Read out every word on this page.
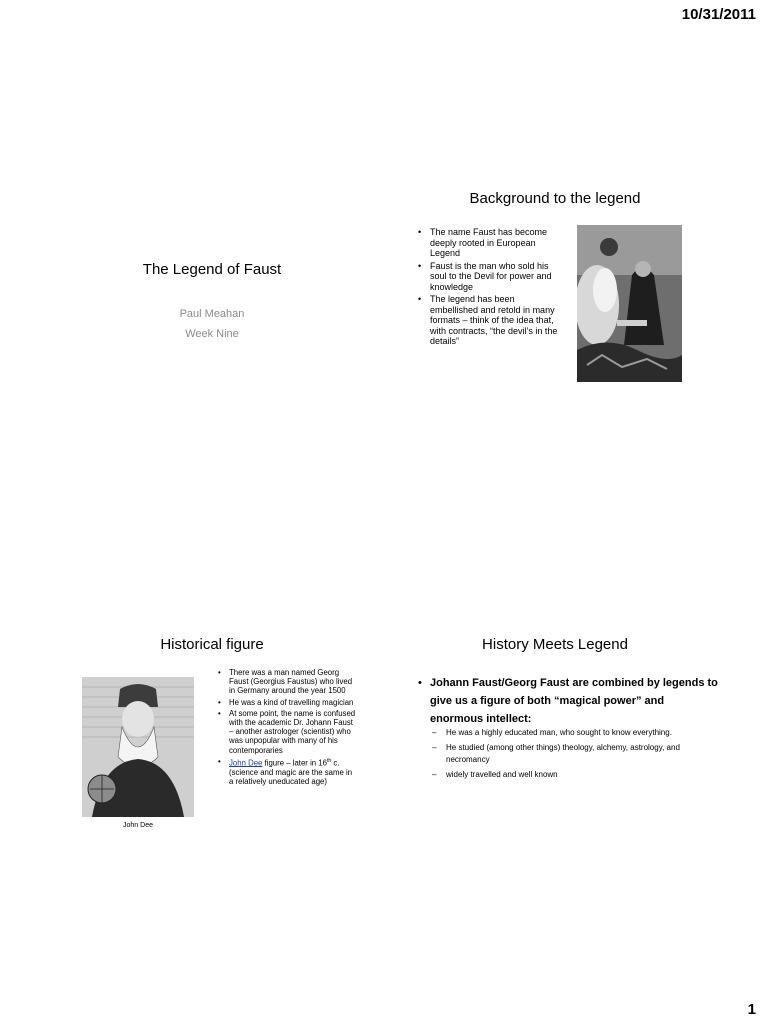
10/31/2011
The Legend of Faust
Paul Meahan
Week Nine
Background to the legend
• The name Faust has become deeply rooted in European Legend
• Faust is the man who sold his soul to the Devil for power and knowledge
• The legend has been embellished and retold in many formats – think of the idea that, with contracts, “the devil’s in the details”
Historical figure
John Dee
• There was a man named Georg Faust (Georgius Faustus) who lived in Germany around the year 1500
• He was a kind of travelling magician
• At some point, the name is confused with the academic Dr. Johann Faust – another astrologer (scientist) who was unpopular with many of his contemporaries
• John Dee figure – later in 16th c. (science and magic are the same in a relatively uneducated age)
History Meets Legend
• Johann Faust/Georg Faust are combined by legends to give us a figure of both “magical power” and enormous intellect:
– He was a highly educated man, who sought to know everything.
– He studied (among other things) theology, alchemy, astrology, and necromancy
– widely travelled and well known
1
